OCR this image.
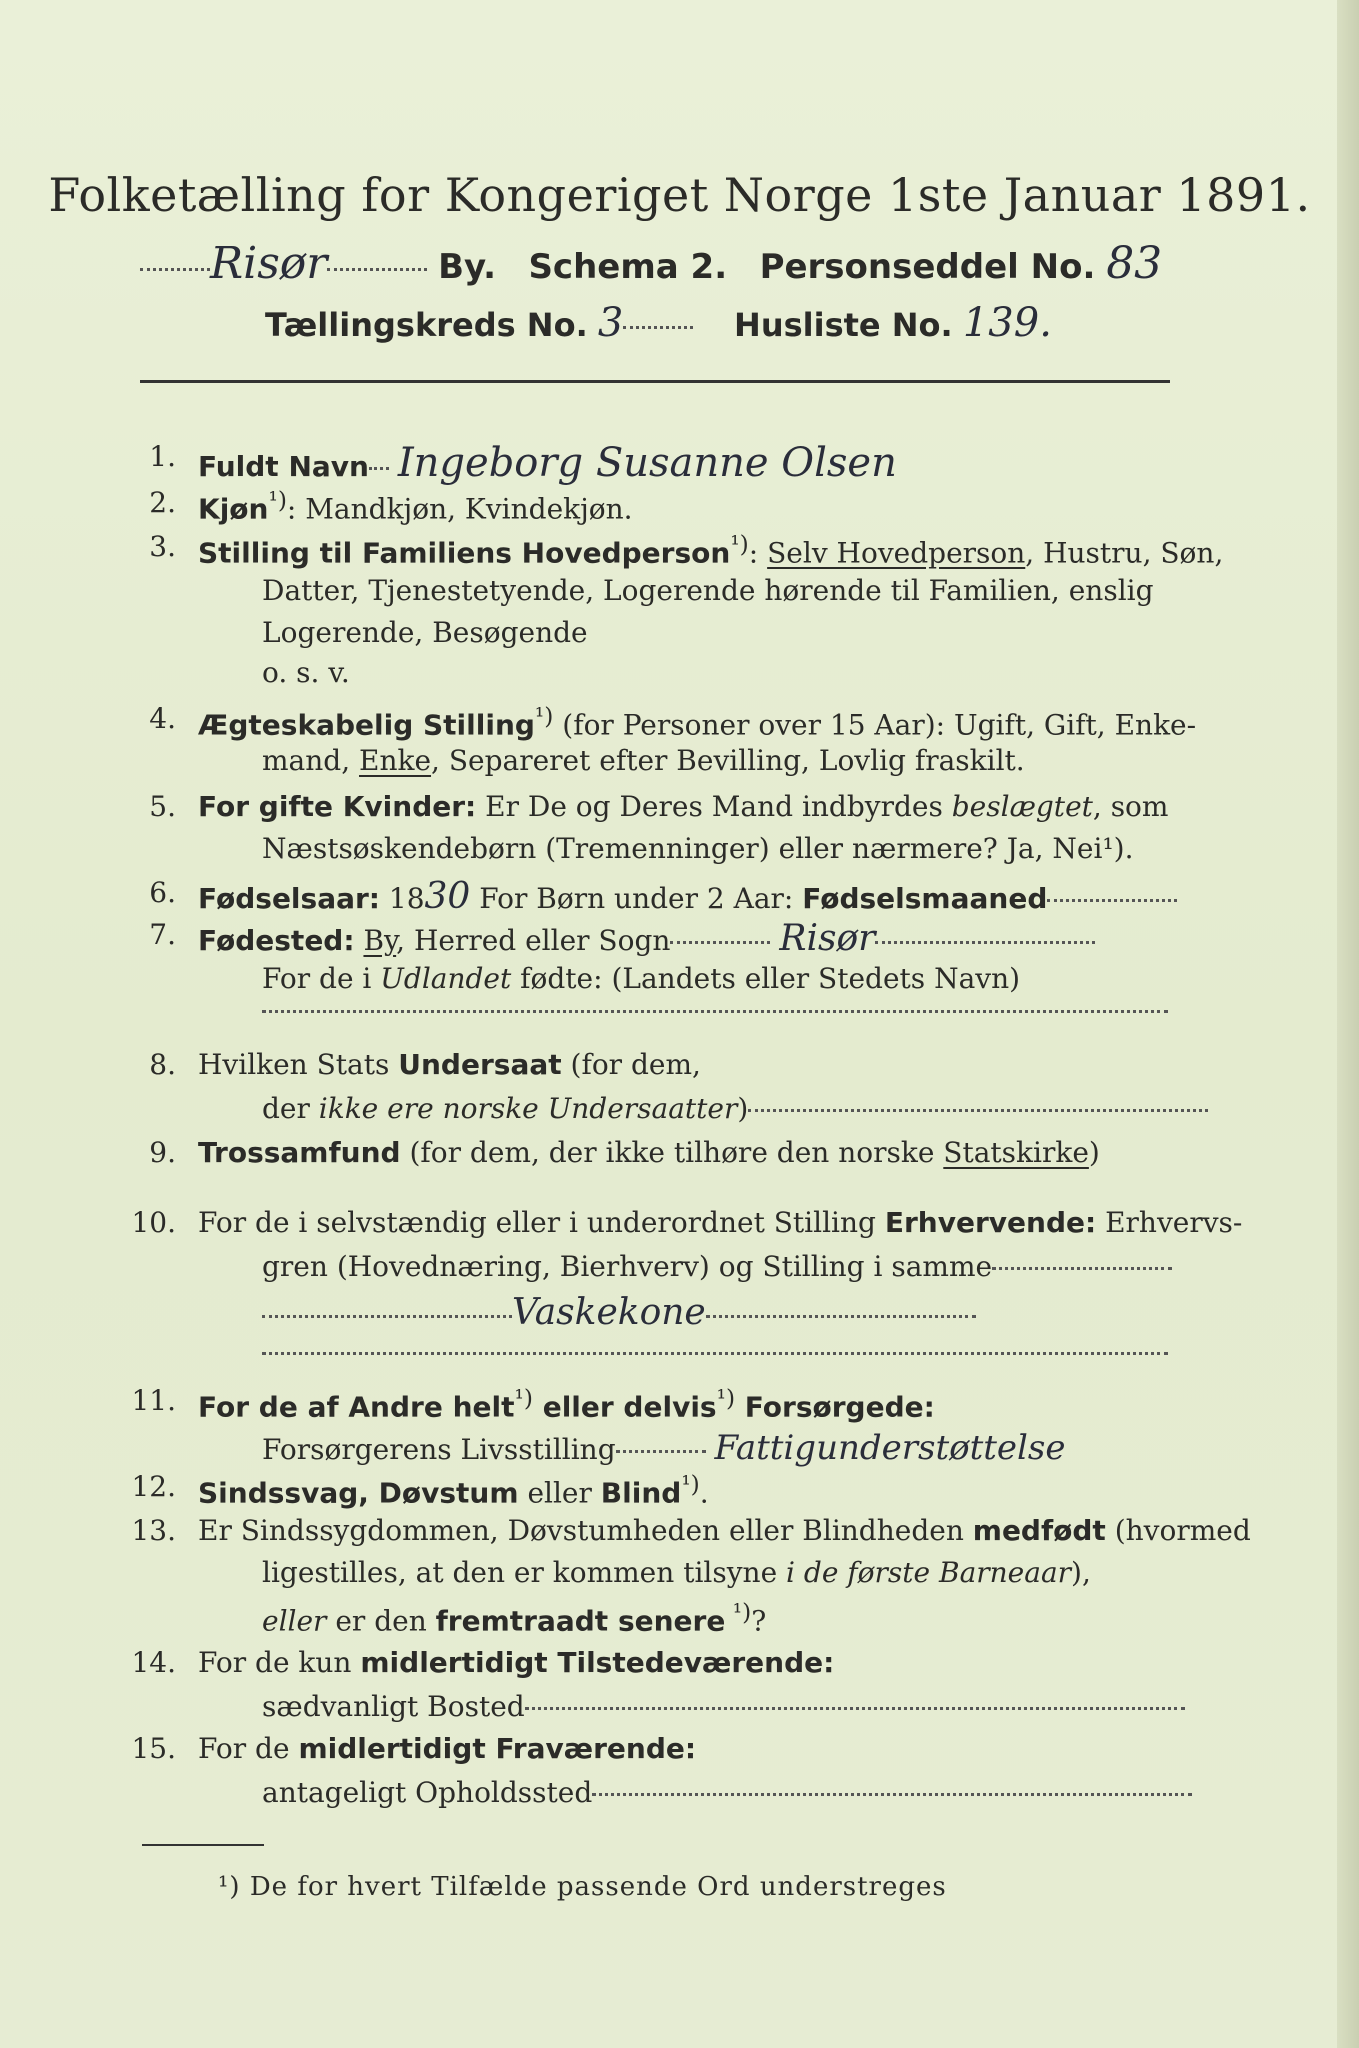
Folketælling for Kongeriget Norge 1ste Januar 1891.
Risør	By. Schema 2. Personseddel No. 83
Tællingskreds No. 3	Husliste No. 139.
1. Fuldt Navn Ingeborg Susanne Olsen
2. Kjøn$^{^1)}$: Mandkjøn, Kvindekjøn.
3. Stilling til Familiens Hovedperson$^{^1)}$: Selv Hovedperson, Hustru, Søn,
Datter, Tjenestetyende, Logerende hørende til Familien, enslig
Logerende, Besøgende
o. s. v.
4. Ægteskabelig Stilling$^{^1)}$ (for Personer over 15 Aar): Ugift, Gift, Enke-
mand, Enke, Separeret efter Bevilling, Lovlig fraskilt.
5. For gifte Kvinder: Er De og Deres Mand indbyrdes beslægtet, som
Næstsøskendebørn (Tremenninger) eller nærmere? Ja, Nei¹).
6. Fødselsaar: 1830 For Børn under 2 Aar: Fødselsmaaned
7. Fødested: By, Herred eller Sogn	Risør
For de i Udlandet fødte: (Landets eller Stedets Navn)
8. Hvilken Stats Undersaat (for dem,
der ikke ere norske Undersaatter)
9. Trossamfund (for dem, der ikke tilhøre den norske Statskirke)
10. For de i selvstændig eller i underordnet Stilling Erhvervende: Erhvervs-
gren (Hovednæring, Bierhverv) og Stilling i samme
Vaskekone
11. For de af Andre helt$^{^1)}$ eller delvis$^{^1)}$ Forsørgede:
Forsørgerens Livsstilling	Fattigunderstøttelse
12. Sindssvag, Døvstum eller Blind$^{^1)}$.
13. Er Sindssygdommen, Døvstumheden eller Blindheden medfødt (hvormed
ligestilles, at den er kommen tilsyne i de første Barneaar),
eller er den fremtraadt senere $^{^1)}$?
14. For de kun midlertidigt Tilstedeværende:
sædvanligt Bosted
15. For de midlertidigt Fraværende:
antageligt Opholdssted
¹) De for hvert Tilfælde passende Ord understreges
